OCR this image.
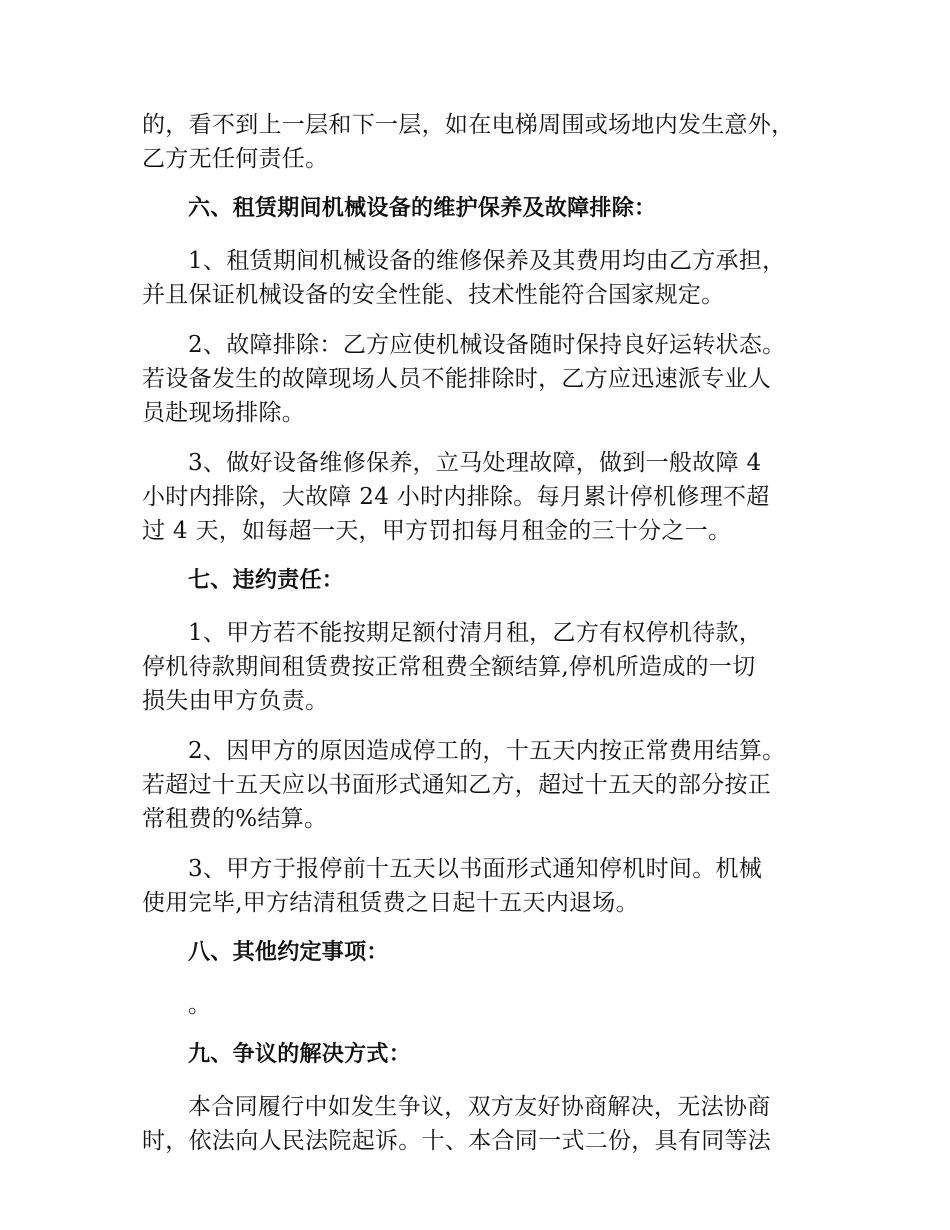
的，看不到上一层和下一层，如在电梯周围或场地内发生意外，
乙方无任何责任。

六、租赁期间机械设备的维护保养及故障排除：

1、租赁期间机械设备的维修保养及其费用均由乙方承担，
并且保证机械设备的安全性能、技术性能符合国家规定。

2、故障排除：乙方应使机械设备随时保持良好运转状态。
若设备发生的故障现场人员不能排除时，乙方应迅速派专业人
员赴现场排除。

3、做好设备维修保养，立马处理故障，做到一般故障 4
小时内排除，大故障 24 小时内排除。每月累计停机修理不超
过 4 天，如每超一天，甲方罚扣每月租金的三十分之一。

七、违约责任：

1、甲方若不能按期足额付清月租，乙方有权停机待款，
停机待款期间租赁费按正常租费全额结算,停机所造成的一切
损失由甲方负责。

2、因甲方的原因造成停工的，十五天内按正常费用结算。
若超过十五天应以书面形式通知乙方，超过十五天的部分按正
常租费的%结算。

3、甲方于报停前十五天以书面形式通知停机时间。机械
使用完毕,甲方结清租赁费之日起十五天内退场。

八、其他约定事项：

。

九、争议的解决方式：

本合同履行中如发生争议，双方友好协商解决，无法协商
时，依法向人民法院起诉。十、本合同一式二份，具有同等法
